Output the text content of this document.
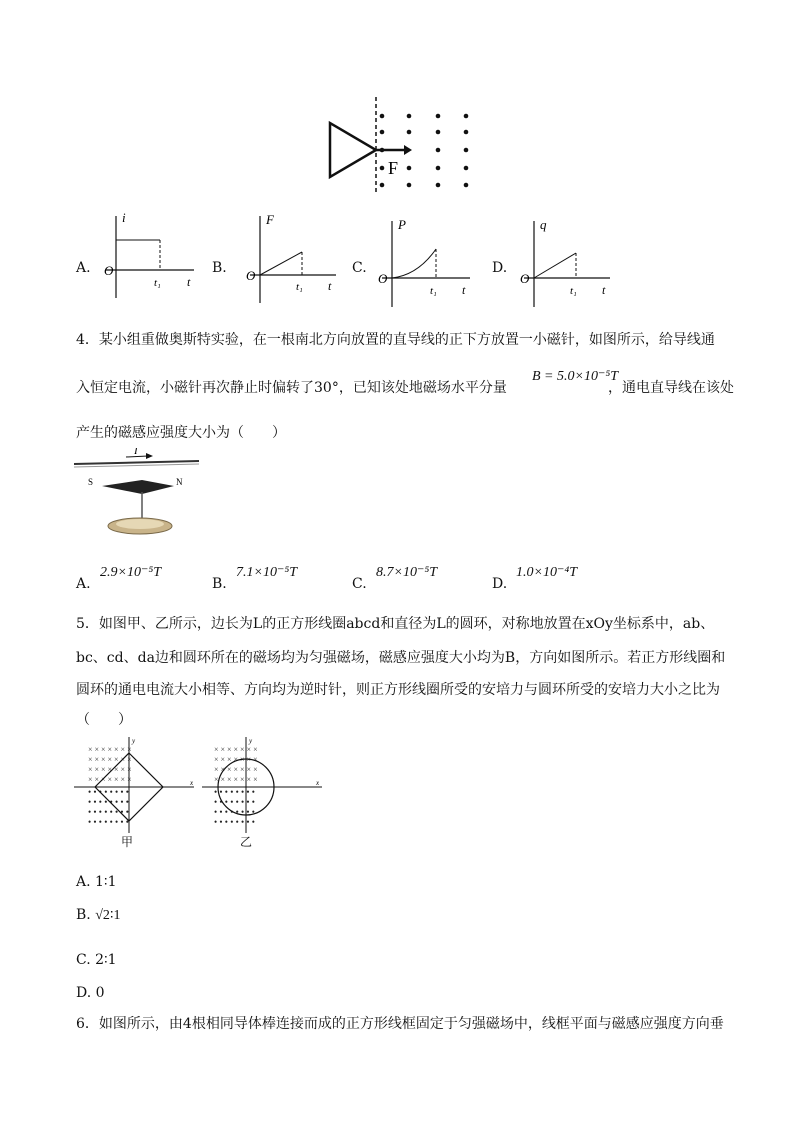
F
A.
i
O
t₁ t
B.
F
O
t₁ t
C.
P
O
t₁ t
D.
q
O
t₁ t
4．某小组重做奥斯特实验，在一根南北方向放置的直导线的正下方放置一小磁针，如图所示，给导线通
入恒定电流，小磁针再次静止时偏转了30°，已知该处地磁场水平分量
B = 5.0×10⁻⁵T
，通电直导线在该处
产生的磁感应强度大小为（　　）
I
S	N
A.
2.9×10⁻⁵T
B.
7.1×10⁻⁵T
C.
8.7×10⁻⁵T
D.
1.0×10⁻⁴T
5．如图甲、乙所示，边长为L的正方形线圈abcd和直径为L的圆环，对称地放置在xOy坐标系中，ab、
bc、cd、da边和圆环所在的磁场均为匀强磁场，磁感应强度大小均为B，方向如图所示。若正方形线圈和
圆环的通电电流大小相等、方向均为逆时针，则正方形线圈所受的安培力与圆环所受的安培力大小之比为
（　　）
× × × × × × ×
× × × × × × ×
× × × × × × ×
× × × × × × ×
• • • • • • • •
• • • • • • • •
• • • • • • • •
• • • • • • • •
y
x
甲
× × × × × × ×
× × × × × × ×
× × × × × × ×
× × × × × × ×
• • • • • • • •
• • • • • • • •
• • • • • • • •
• • • • • • • •
y
x
乙
A. 1∶1
B. √2∶1
C. 2∶1
D. 0
6．如图所示，由4根相同导体棒连接而成的正方形线框固定于匀强磁场中，线框平面与磁感应强度方向垂
